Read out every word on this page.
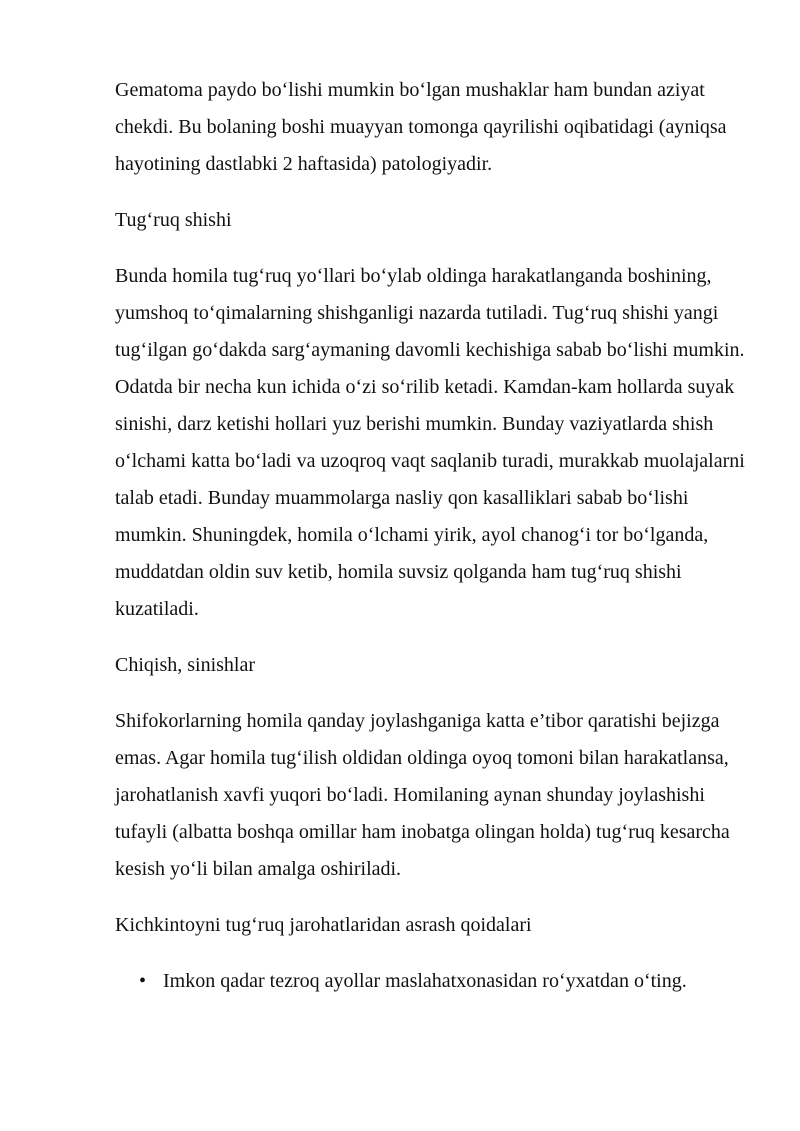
Gematoma paydo boʻlishi mumkin boʻlgan mushaklar ham bundan aziyat chekdi. Bu bolaning boshi muayyan tomonga qayrilishi oqibatidagi (ayniqsa hayotining dastlabki 2 haftasida) patologiyadir.

Tugʻruq shishi

Bunda homila tugʻruq yoʻllari boʻylab oldinga harakatlanganda boshining, yumshoq toʻqimalarning shishganligi nazarda tutiladi. Tugʻruq shishi yangi tugʻilgan goʻdakda sargʻaymaning davomli kechishiga sabab boʻlishi mumkin. Odatda bir necha kun ichida oʻzi soʻrilib ketadi. Kamdan-kam hollarda suyak sinishi, darz ketishi hollari yuz berishi mumkin. Bunday vaziyatlarda shish oʻlchami katta boʻladi va uzoqroq vaqt saqlanib turadi, murakkab muolajalarni talab etadi. Bunday muammolarga nasliy qon kasalliklari sabab boʻlishi mumkin. Shuningdek, homila oʻlchami yirik, ayol chanogʻi tor boʻlganda, muddatdan oldin suv ketib, homila suvsiz qolganda ham tugʻruq shishi kuzatiladi.

Chiqish, sinishlar

Shifokorlarning homila qanday joylashganiga katta e’tibor qaratishi bejizga emas. Agar homila tugʻilish oldidan oldinga oyoq tomoni bilan harakatlansa, jarohatlanish xavfi yuqori boʻladi. Homilaning aynan shunday joylashishi tufayli (albatta boshqa omillar ham inobatga olingan holda) tugʻruq kesarcha kesish yoʻli bilan amalga oshiriladi.

Kichkintoyni tugʻruq jarohatlaridan asrash qoidalari

• Imkon qadar tezroq ayollar maslahatxonasidan roʻyxatdan oʻting.
